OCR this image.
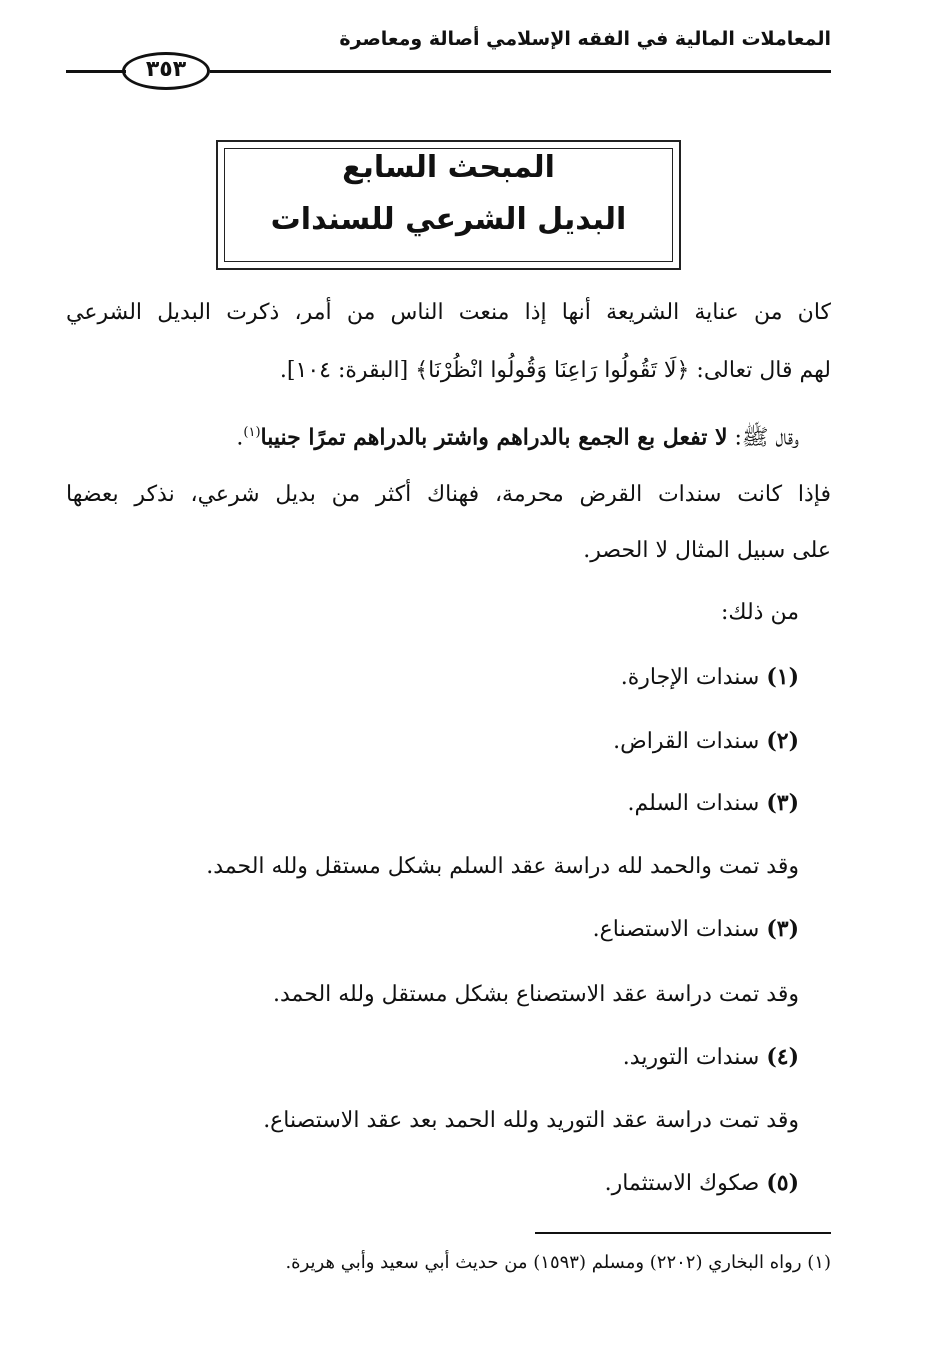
المعاملات المالية في الفقه الإسلامي أصالة ومعاصرة
٣٥٣
المبحث السابع
البديل الشرعي للسندات
كان من عناية الشريعة أنها إذا منعت الناس من أمر، ذكرت البديل الشرعي
لهم قال تعالى: ﴿لَا تَقُولُوا رَاعِنَا وَقُولُوا انْظُرْنَا﴾ [البقرة: ١٠٤].
وقال ﷺ: لا تفعل بع الجمع بالدراهم واشتر بالدراهم تمرًا جنيبا$^{(١)}$.
فإذا كانت سندات القرض محرمة، فهناك أكثر من بديل شرعي، نذكر بعضها
على سبيل المثال لا الحصر.
من ذلك:
(١) سندات الإجارة.
(٢) سندات القراض.
(٣) سندات السلم.
وقد تمت والحمد لله دراسة عقد السلم بشكل مستقل ولله الحمد.
(٣) سندات الاستصناع.
وقد تمت دراسة عقد الاستصناع بشكل مستقل ولله الحمد.
(٤) سندات التوريد.
وقد تمت دراسة عقد التوريد ولله الحمد بعد عقد الاستصناع.
(٥) صكوك الاستثمار.
(١) رواه البخاري (٢٢٠٢) ومسلم (١٥٩٣) من حديث أبي سعيد وأبي هريرة.
